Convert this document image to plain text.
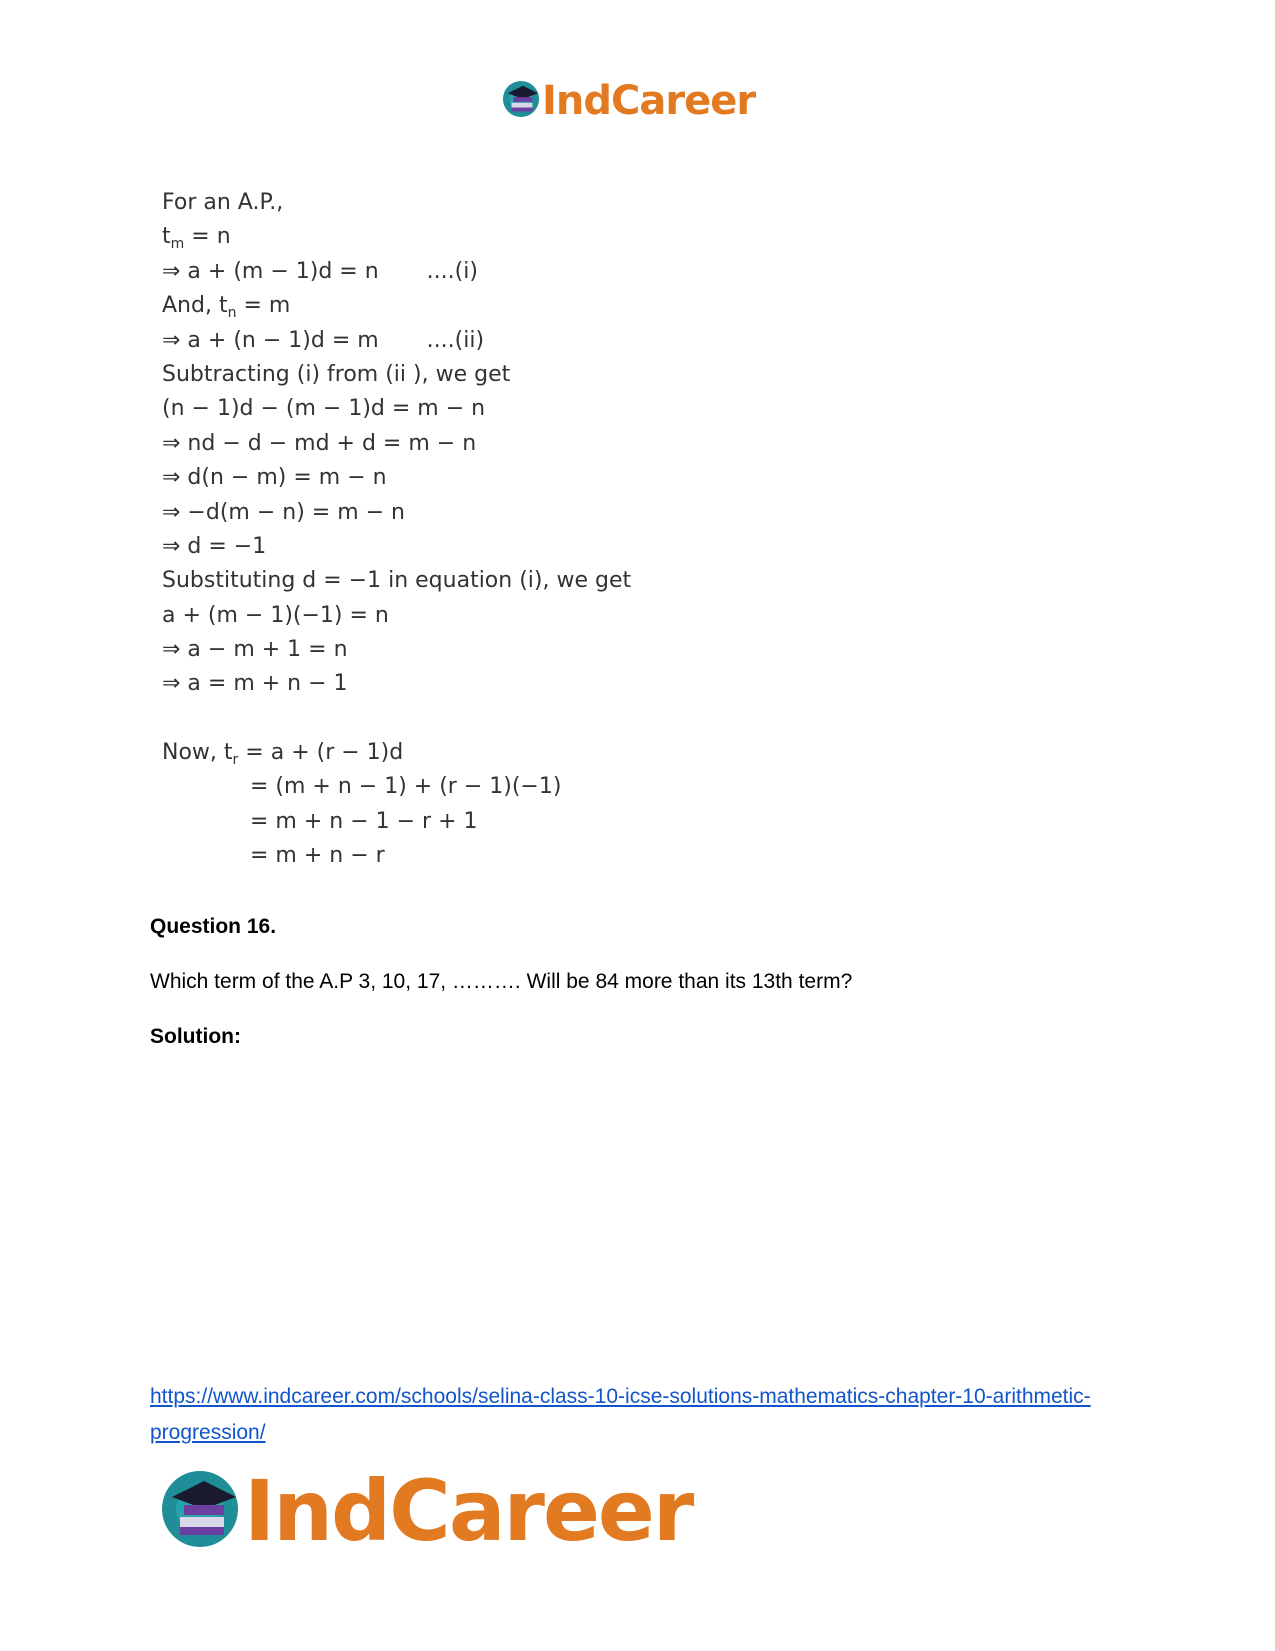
IndCareer
For an A.P.,
$t_m = n$
⇒ a + (m − 1)d = n ....(i)
And, $t_n = m$
⇒ a + (n − 1)d = m ....(ii)
Subtracting (i) from (ii ), we get
(n − 1)d − (m − 1)d = m − n
⇒ nd − d − md + d = m − n
⇒ d(n − m) = m − n
⇒ −d(m − n) = m − n
⇒ d = −1
Substituting d = −1 in equation (i), we get
a + (m − 1)(−1) = n
⇒ a − m + 1 = n
⇒ a = m + n − 1
Now, $t_r = a + (r - 1)d$
= (m + n − 1) + (r − 1)(−1)
= m + n − 1 − r + 1
= m + n − r
Question 16.
Which term of the A.P 3, 10, 17, ………. Will be 84 more than its 13th term?
Solution:
https://www.indcareer.com/schools/selina-class-10-icse-solutions-mathematics-chapter-10-arithmetic-progression/
IndCareer
